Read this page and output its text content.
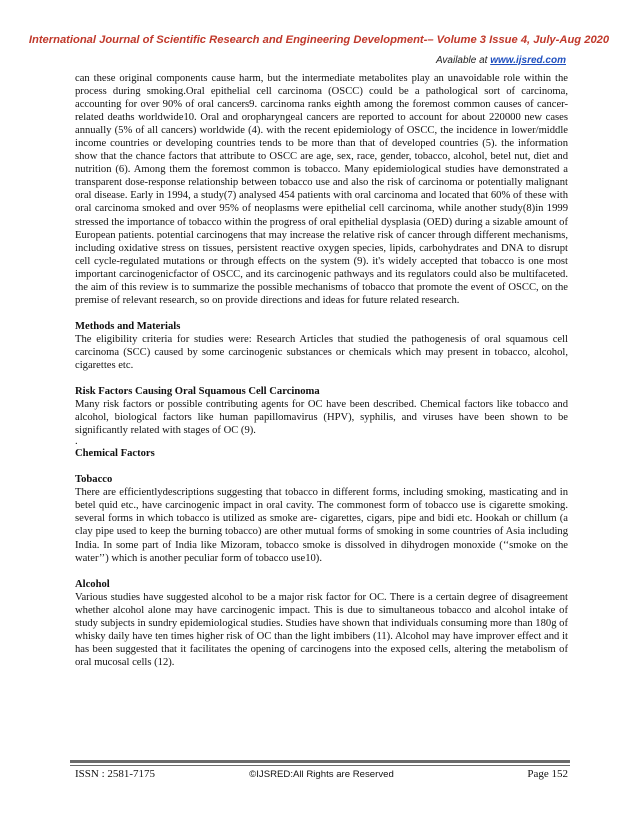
International Journal of Scientific Research and Engineering Development-– Volume 3 Issue 4, July-Aug 2020
Available at www.ijsred.com

can these original components cause harm, but the intermediate metabolites play an unavoidable role within the process during smoking.Oral epithelial cell carcinoma (OSCC) could be a pathological sort of carcinoma, accounting for over 90% of oral cancers9. carcinoma ranks eighth among the foremost common causes of cancer-related deaths worldwide10. Oral and oropharyngeal cancers are reported to account for about 220000 new cases annually (5% of all cancers) worldwide (4). with the recent epidemiology of OSCC, the incidence in lower/middle income countries or developing countries tends to be more than that of developed countries (5). the information show that the chance factors that attribute to OSCC are age, sex, race, gender, tobacco, alcohol, betel nut, diet and nutrition (6). Among them the foremost common is tobacco. Many epidemiological studies have demonstrated a transparent dose-response relationship between tobacco use and also the risk of carcinoma or potentially malignant oral disease. Early in 1994, a study(7) analysed 454 patients with oral carcinoma and located that 60% of these with oral carcinoma smoked and over 95% of neoplasms were epithelial cell carcinoma, while another study(8)in 1999 stressed the importance of tobacco within the progress of oral epithelial dysplasia (OED) during a sizable amount of European patients. potential carcinogens that may increase the relative risk of cancer through different mechanisms, including oxidative stress on tissues, persistent reactive oxygen species, lipids, carbohydrates and DNA to disrupt cell cycle-regulated mutations or through effects on the system (9). it's widely accepted that tobacco is one most important carcinogenicfactor of OSCC, and its carcinogenic pathways and its regulators could also be multifaceted. the aim of this review is to summarize the possible mechanisms of tobacco that promote the event of OSCC, on the premise of relevant research, so on provide directions and ideas for future related research.

Methods and Materials

The eligibility criteria for studies were: Research Articles that studied the pathogenesis of oral squamous cell carcinoma (SCC) caused by some carcinogenic substances or chemicals which may present in tobacco, alcohol, cigarettes etc.

Risk Factors Causing Oral Squamous Cell Carcinoma

Many risk factors or possible contributing agents for OC have been described. Chemical factors like tobacco and alcohol, biological factors like human papillomavirus (HPV), syphilis, and viruses have been shown to be significantly related with stages of OC (9).

.

Chemical Factors

Tobacco

There are efficientlydescriptions suggesting that tobacco in different forms, including smoking, masticating and in betel quid etc., have carcinogenic impact in oral cavity. The commonest form of tobacco use is cigarette smoking. several forms in which tobacco is utilized as smoke are- cigarettes, cigars, pipe and bidi etc. Hookah or chillum (a clay pipe used to keep the burning tobacco) are other mutual forms of smoking in some countries of Asia including India. In some part of India like Mizoram, tobacco smoke is dissolved in dihydrogen monoxide (‘‘smoke on the water’’) which is another peculiar form of tobacco use10).

Alcohol

Various studies have suggested alcohol to be a major risk factor for OC. There is a certain degree of disagreement whether alcohol alone may have carcinogenic impact. This is due to simultaneous tobacco and alcohol intake of study subjects in sundry epidemiological studies. Studies have shown that individuals consuming more than 180g of whisky daily have ten times higher risk of OC than the light imbibers (11). Alcohol may have improver effect and it has been suggested that it facilitates the opening of carcinogens into the exposed cells, altering the metabolism of oral mucosal cells (12).

ISSN : 2581-7175	©IJSRED:All Rights are Reserved	Page 152
